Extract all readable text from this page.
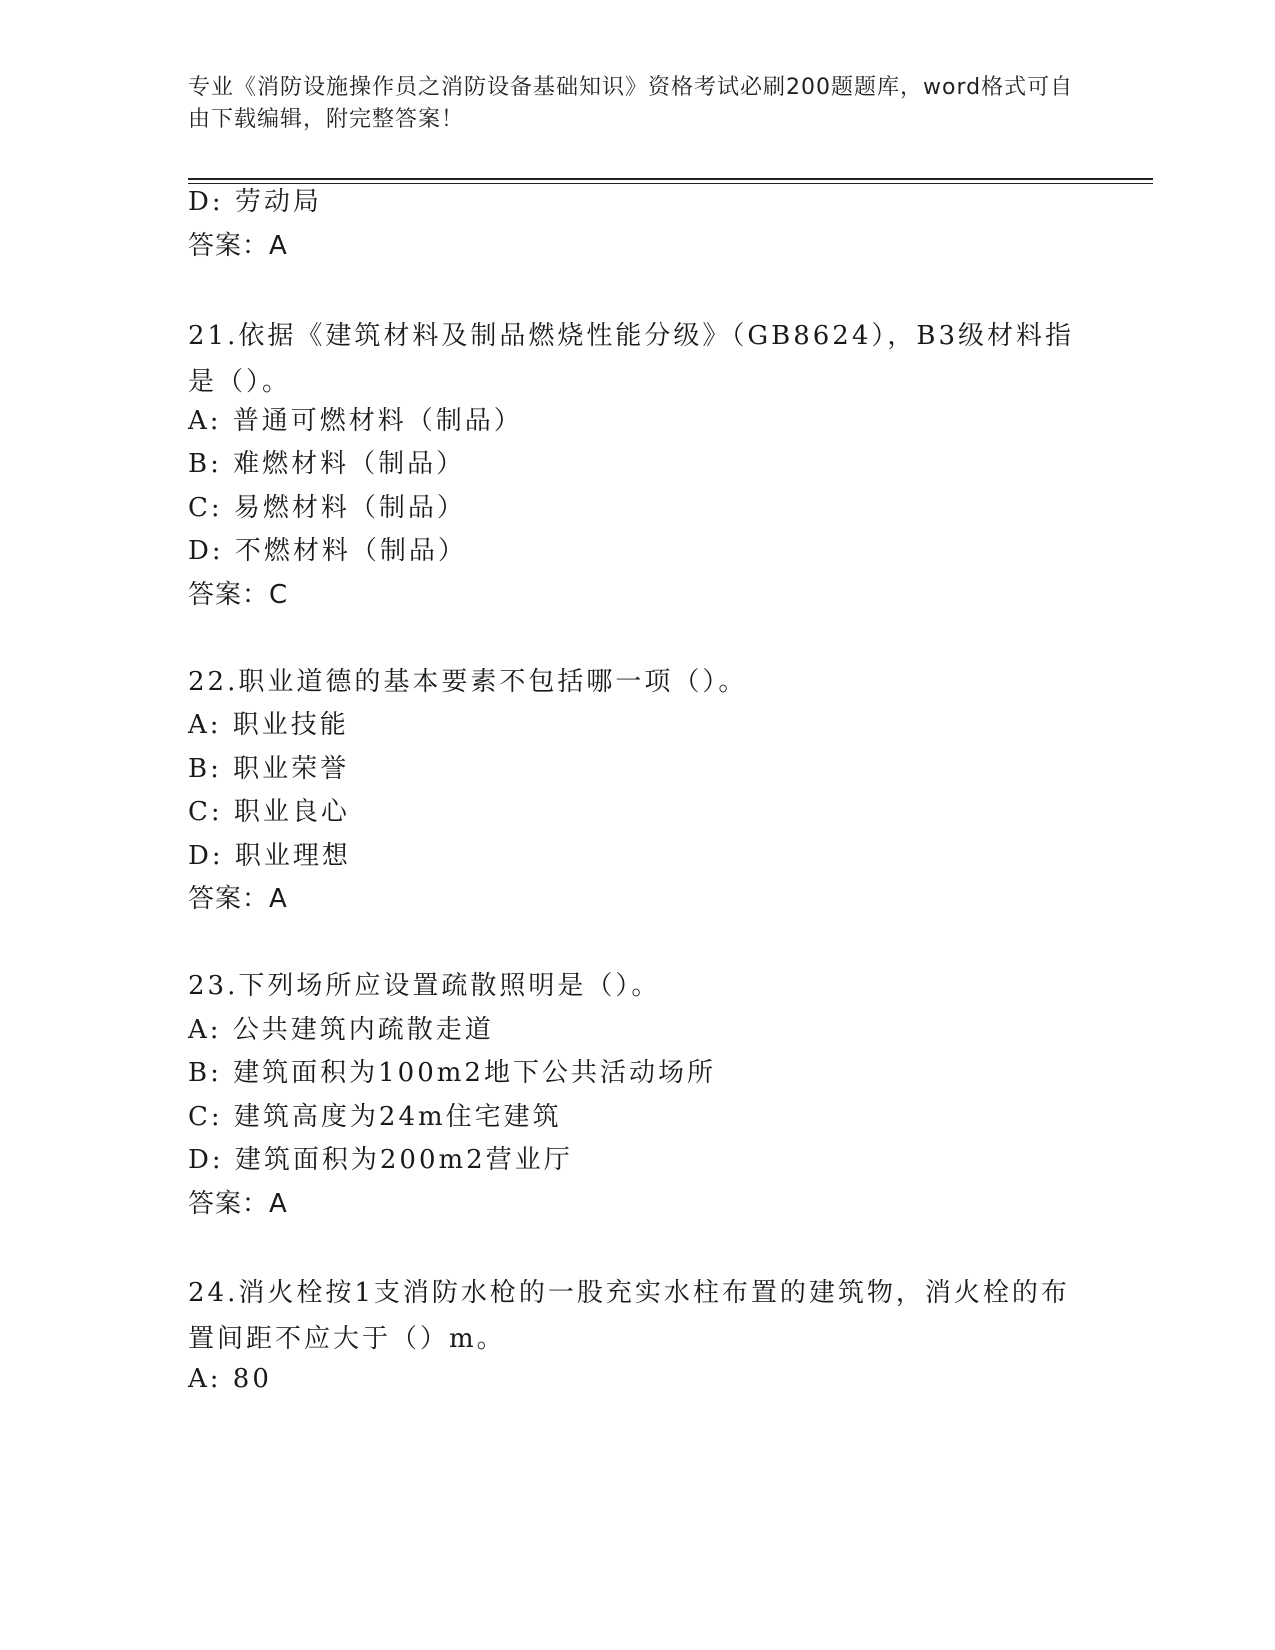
专业《消防设施操作员之消防设备基础知识》资格考试必刷200题题库，word格式可自由下载编辑，附完整答案！
D: 劳动局
答案：A
21.依据《建筑材料及制品燃烧性能分级》（GB8624），B3级材料指是（）。
A: 普通可燃材料（制品）
B: 难燃材料（制品）
C: 易燃材料（制品）
D: 不燃材料（制品）
答案：C
22.职业道德的基本要素不包括哪一项（）。
A: 职业技能
B: 职业荣誉
C: 职业良心
D: 职业理想
答案：A
23.下列场所应设置疏散照明是（）。
A: 公共建筑内疏散走道
B: 建筑面积为100m2地下公共活动场所
C: 建筑高度为24m住宅建筑
D: 建筑面积为200m2营业厅
答案：A
24.消火栓按1支消防水枪的一股充实水柱布置的建筑物，消火栓的布置间距不应大于（）m。
A: 80
